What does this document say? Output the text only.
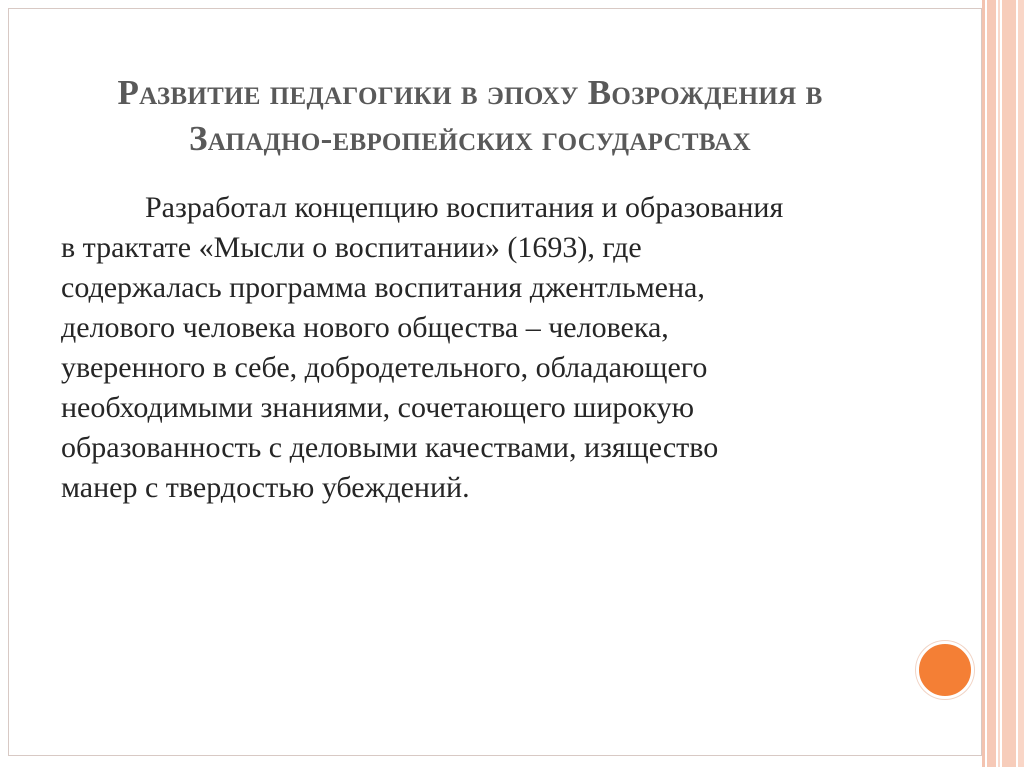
Развитие педагогики в эпоху Возрождения в
Западно-европейских государствах
Разработал концепцию воспитания и образования
в трактате «Мысли о воспитании» (1693), где
содержалась программа воспитания джентльмена,
делового человека нового общества – человека,
уверенного в себе, добродетельного, обладающего
необходимыми знаниями, сочетающего широкую
образованность с деловыми качествами, изящество
манер с твердостью убеждений.
